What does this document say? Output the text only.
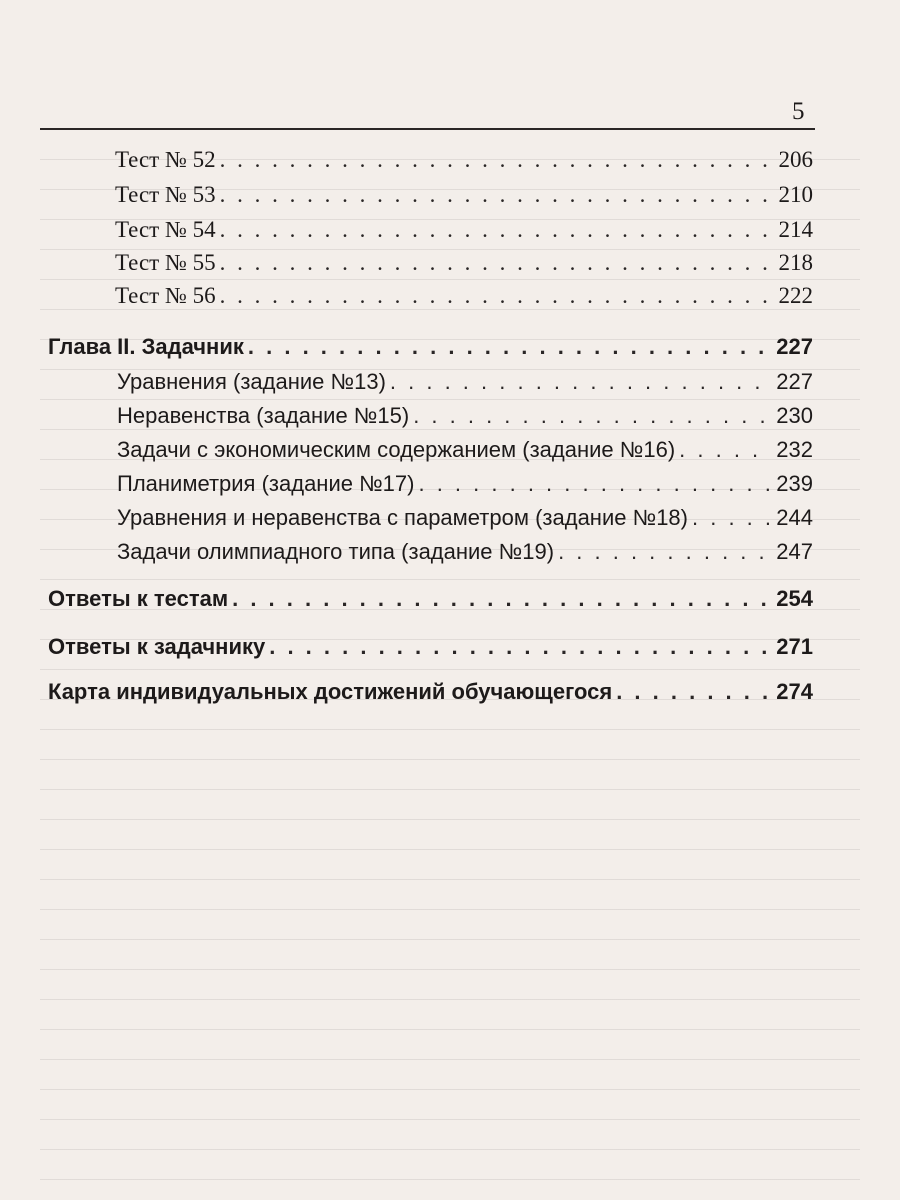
5
Тест № 52 . . .	206
Тест № 53 . . .	210
Тест № 54 . . .	214
Тест № 55 . . .	218
Тест № 56 . . .	222
Глава II. Задачник . . .	227
Уравнения (задание №13) . . .	227
Неравенства (задание №15) . . .	230
Задачи с экономическим содержанием (задание №16) . . .	232
Планиметрия (задание №17) . . .	239
Уравнения и неравенства с параметром (задание №18) . . .	244
Задачи олимпиадного типа (задание №19) . . .	247
Ответы к тестам . . .	254
Ответы к задачнику . . .	271
Карта индивидуальных достижений обучающегося . . .	274
